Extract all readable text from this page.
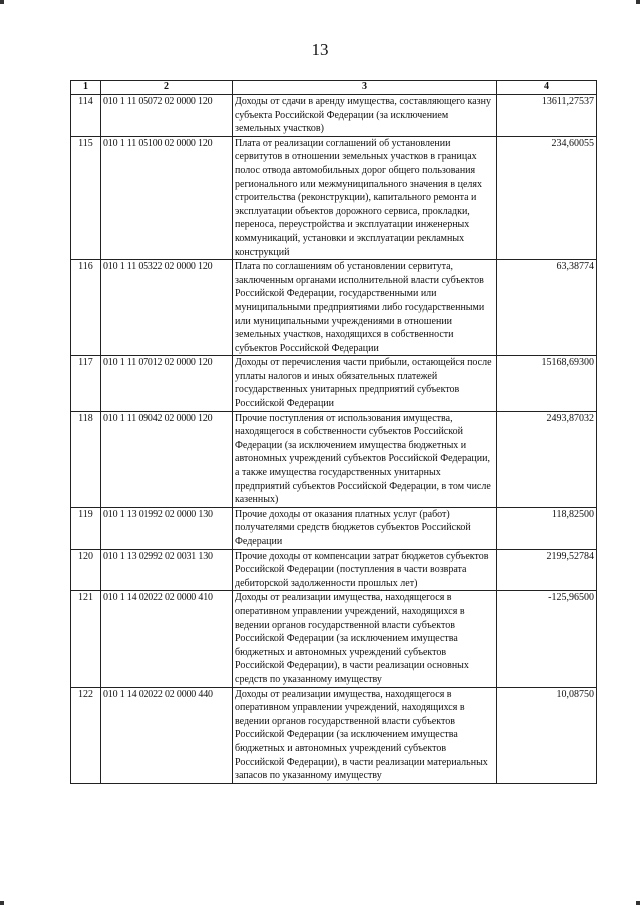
13
1	2	3	4
114	010 1 11 05072 02 0000 120	Доходы от сдачи в аренду имущества, составляющего казну субъекта Российской Федерации (за исключением земельных участков)	13611,27537
115	010 1 11 05100 02 0000 120	Плата от реализации соглашений об установлении сервитутов в отношении земельных участков в границах полос отвода автомобильных дорог общего пользования регионального или межмуниципального значения в целях строительства (реконструкции), капитального ремонта и эксплуатации объектов дорожного сервиса, прокладки, переноса, переустройства и эксплуатации инженерных коммуникаций, установки и эксплуатации рекламных конструкций	234,60055
116	010 1 11 05322 02 0000 120	Плата по соглашениям об установлении сервитута, заключенным органами исполнительной власти субъектов Российской Федерации, государственными или муниципальными предприятиями либо государственными или муниципальными учреждениями в отношении земельных участков, находящихся в собственности субъектов Российской Федерации	63,38774
117	010 1 11 07012 02 0000 120	Доходы от перечисления части прибыли, остающейся после уплаты налогов и иных обязательных платежей государственных унитарных предприятий субъектов Российской Федерации	15168,69300
118	010 1 11 09042 02 0000 120	Прочие поступления от использования имущества, находящегося в собственности субъектов Российской Федерации (за исключением имущества бюджетных и автономных учреждений субъектов Российской Федерации, а также имущества государственных унитарных предприятий субъектов Российской Федерации, в том числе казенных)	2493,87032
119	010 1 13 01992 02 0000 130	Прочие доходы от оказания платных услуг (работ) получателями средств бюджетов субъектов Российской Федерации	118,82500
120	010 1 13 02992 02 0031 130	Прочие доходы от компенсации затрат бюджетов субъектов Российской Федерации (поступления в части возврата дебиторской задолженности прошлых лет)	2199,52784
121	010 1 14 02022 02 0000 410	Доходы от реализации имущества, находящегося в оперативном управлении учреждений, находящихся в ведении органов государственной власти субъектов Российской Федерации (за исключением имущества бюджетных и автономных учреждений субъектов Российской Федерации), в части реализации основных средств по указанному имуществу	-125,96500
122	010 1 14 02022 02 0000 440	Доходы от реализации имущества, находящегося в оперативном управлении учреждений, находящихся в ведении органов государственной власти субъектов Российской Федерации (за исключением имущества бюджетных и автономных учреждений субъектов Российской Федерации), в части реализации материальных запасов по указанному имуществу	10,08750
